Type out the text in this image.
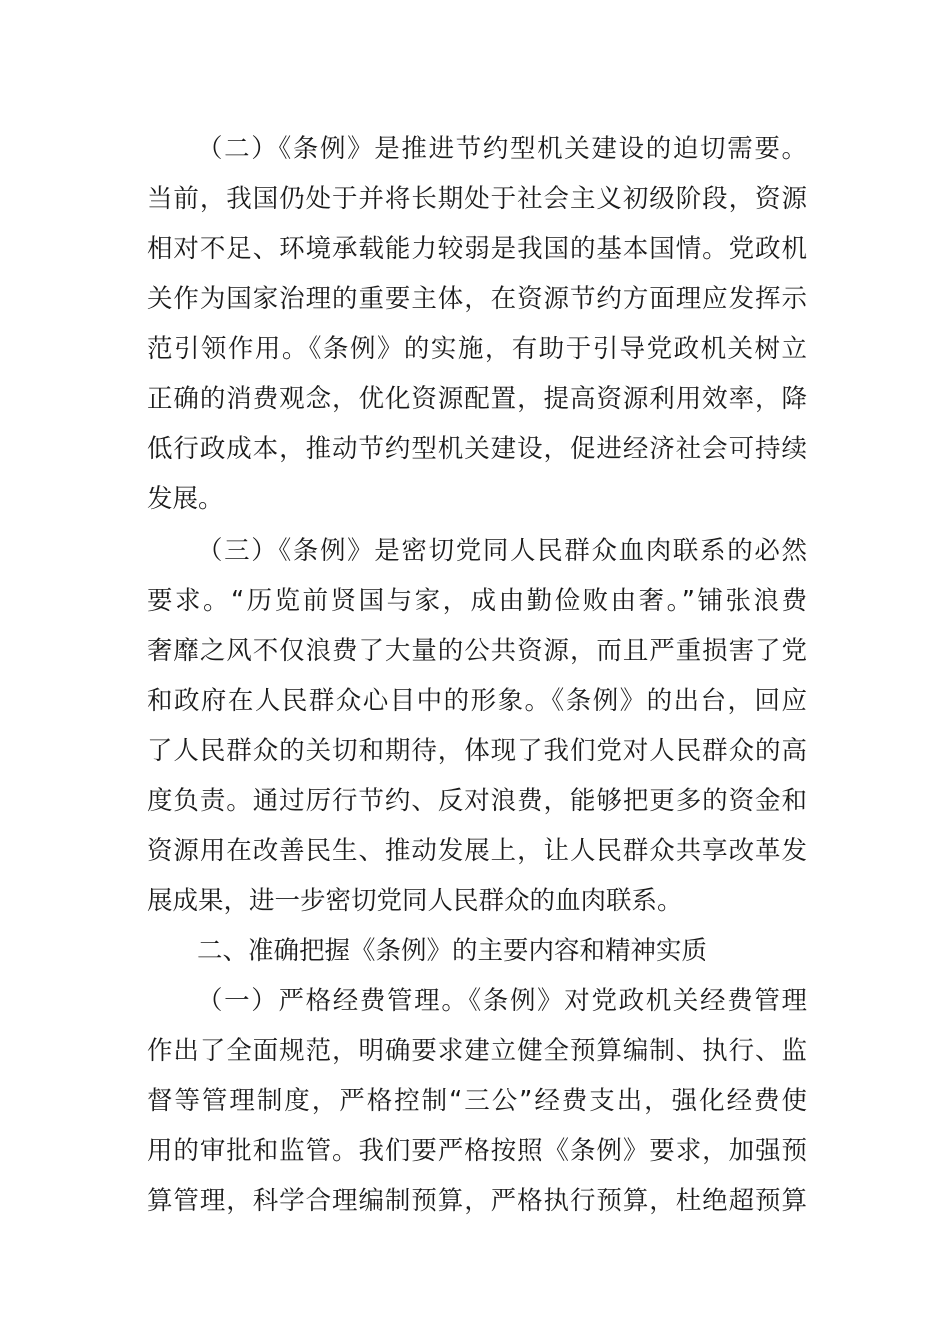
（二）《条例》是推进节约型机关建设的迫切需要。
当前，我国仍处于并将长期处于社会主义初级阶段，资源
相对不足、环境承载能力较弱是我国的基本国情。党政机
关作为国家治理的重要主体，在资源节约方面理应发挥示
范引领作用。《条例》的实施，有助于引导党政机关树立
正确的消费观念，优化资源配置，提高资源利用效率，降
低行政成本，推动节约型机关建设，促进经济社会可持续
发展。
（三）《条例》是密切党同人民群众血肉联系的必然
要求。“历览前贤国与家，成由勤俭败由奢。”铺张浪费
奢靡之风不仅浪费了大量的公共资源，而且严重损害了党
和政府在人民群众心目中的形象。《条例》的出台，回应
了人民群众的关切和期待，体现了我们党对人民群众的高
度负责。通过厉行节约、反对浪费，能够把更多的资金和
资源用在改善民生、推动发展上，让人民群众共享改革发
展成果，进一步密切党同人民群众的血肉联系。
二、准确把握《条例》的主要内容和精神实质
（一）严格经费管理。《条例》对党政机关经费管理
作出了全面规范，明确要求建立健全预算编制、执行、监
督等管理制度，严格控制“三公”经费支出，强化经费使
用的审批和监管。我们要严格按照《条例》要求，加强预
算管理，科学合理编制预算，严格执行预算，杜绝超预算
